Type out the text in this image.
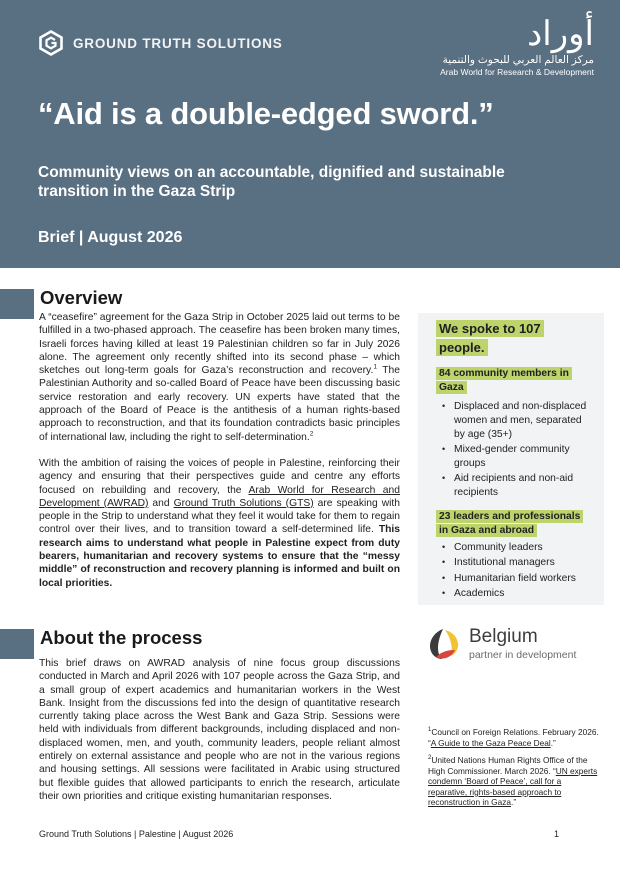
GROUND TRUTH SOLUTIONS	أوراد
مركز العالم العربي للبحوث والتنمية
Arab World for Research & Development
“Aid is a double-edged sword.”
Community views on an accountable, dignified and sustainable transition in the Gaza Strip
Brief | August 2026
Overview

A “ceasefire” agreement for the Gaza Strip in October 2025 laid out terms to be fulfilled in a two-phased approach. The ceasefire has been broken many times, Israeli forces having killed at least 19 Palestinian children so far in July 2026 alone. The agreement only recently shifted into its second phase – which sketches out long-term goals for Gaza’s reconstruction and recovery.$^1$ The Palestinian Authority and so-called Board of Peace have been discussing basic service restoration and early recovery. UN experts have stated that the approach of the Board of Peace is the antithesis of a human rights-based approach to reconstruction, and that its foundation contradicts basic principles of international law, including the right to self-determination.$^2$

With the ambition of raising the voices of people in Palestine, reinforcing their agency and ensuring that their perspectives guide and centre any efforts focused on rebuilding and recovery, the Arab World for Research and Development (AWRAD) and Ground Truth Solutions (GTS) are speaking with people in the Strip to understand what they feel it would take for them to regain control over their lives, and to transition toward a self-determined life. This research aims to understand what people in Palestine expect from duty bearers, humanitarian and recovery systems to ensure that the “messy middle” of reconstruction and recovery planning is informed and built on local priorities.

We spoke to 107 people.
84 community members in Gaza
• Displaced and non-displaced women and men, separated by age (35+)
• Mixed-gender community groups
• Aid recipients and non-aid recipients
23 leaders and professionals in Gaza and abroad
• Community leaders
• Institutional managers
• Humanitarian field workers
• Academics
About the process

This brief draws on AWRAD analysis of nine focus group discussions conducted in March and April 2026 with 107 people across the Gaza Strip, and a small group of expert academics and humanitarian workers in the West Bank. Insight from the discussions fed into the design of quantitative research currently taking place across the West Bank and Gaza Strip. Sessions were held with individuals from different backgrounds, including displaced and non-displaced women, men, and youth, community leaders, people reliant almost entirely on external assistance and people who are not in the various regions and housing settings. All sessions were facilitated in Arabic using structured but flexible guides that allowed participants to enrich the research, articulate their own priorities and critique existing humanitarian responses.

Belgium
partner in development
$^1$Council on Foreign Relations. February 2026. “A Guide to the Gaza Peace Deal.”
$^2$United Nations Human Rights Office of the High Commissioner. March 2026. “UN experts condemn ‘Board of Peace’, call for a reparative, rights-based approach to reconstruction in Gaza.”
Ground Truth Solutions | Palestine | August 2026	1
